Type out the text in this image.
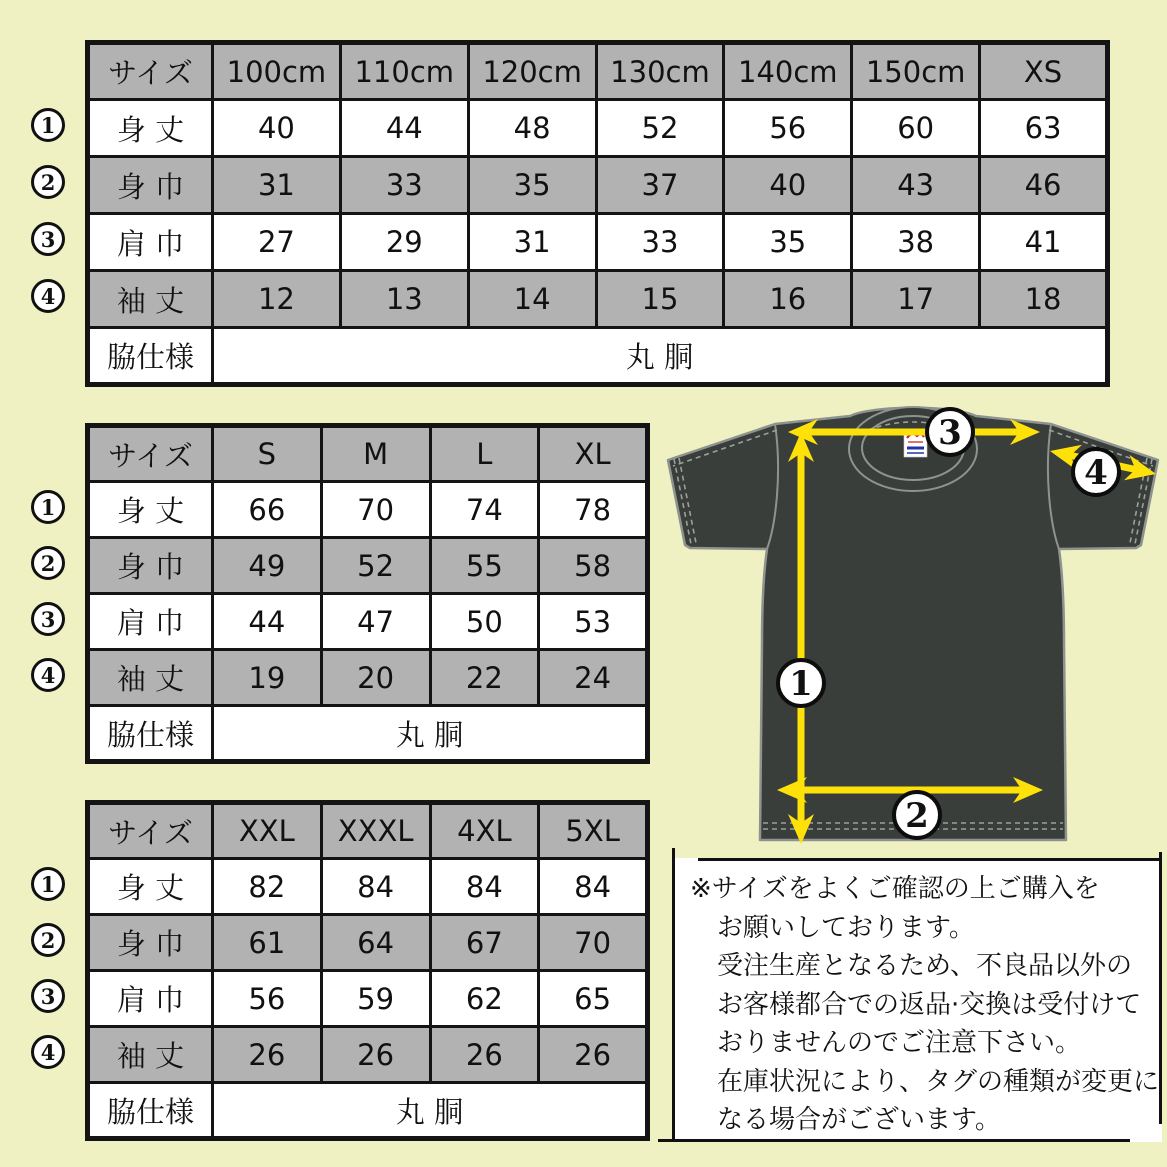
1
2
3
4
サイズ	100cm	110cm	120cm	130cm	140cm	150cm	XS
身 丈	40	44	48	52	56	60	63
身 巾	31	33	35	37	40	43	46
肩 巾	27	29	31	33	35	38	41
袖 丈	12	13	14	15	16	17	18
脇仕様	丸 胴						
1
2
3
4
サイズ	S	M	L	XL
身 丈	66	70	74	78
身 巾	49	52	55	58
肩 巾	44	47	50	53
袖 丈	19	20	22	24
脇仕様	丸 胴			
1
2
3
4
サイズ	XXL	XXXL	4XL	5XL
身 丈	82	84	84	84
身 巾	61	64	67	70
肩 巾	56	59	62	65
袖 丈	26	26	26	26
脇仕様	丸 胴			
1
2
3
4
※サイズをよくご確認の上ご購入を
お願いしております。
受注生産となるため、不良品以外の
お客様都合での返品·交換は受付けて
おりませんのでご注意下さい。
在庫状況により、タグの種類が変更に
なる場合がございます。
